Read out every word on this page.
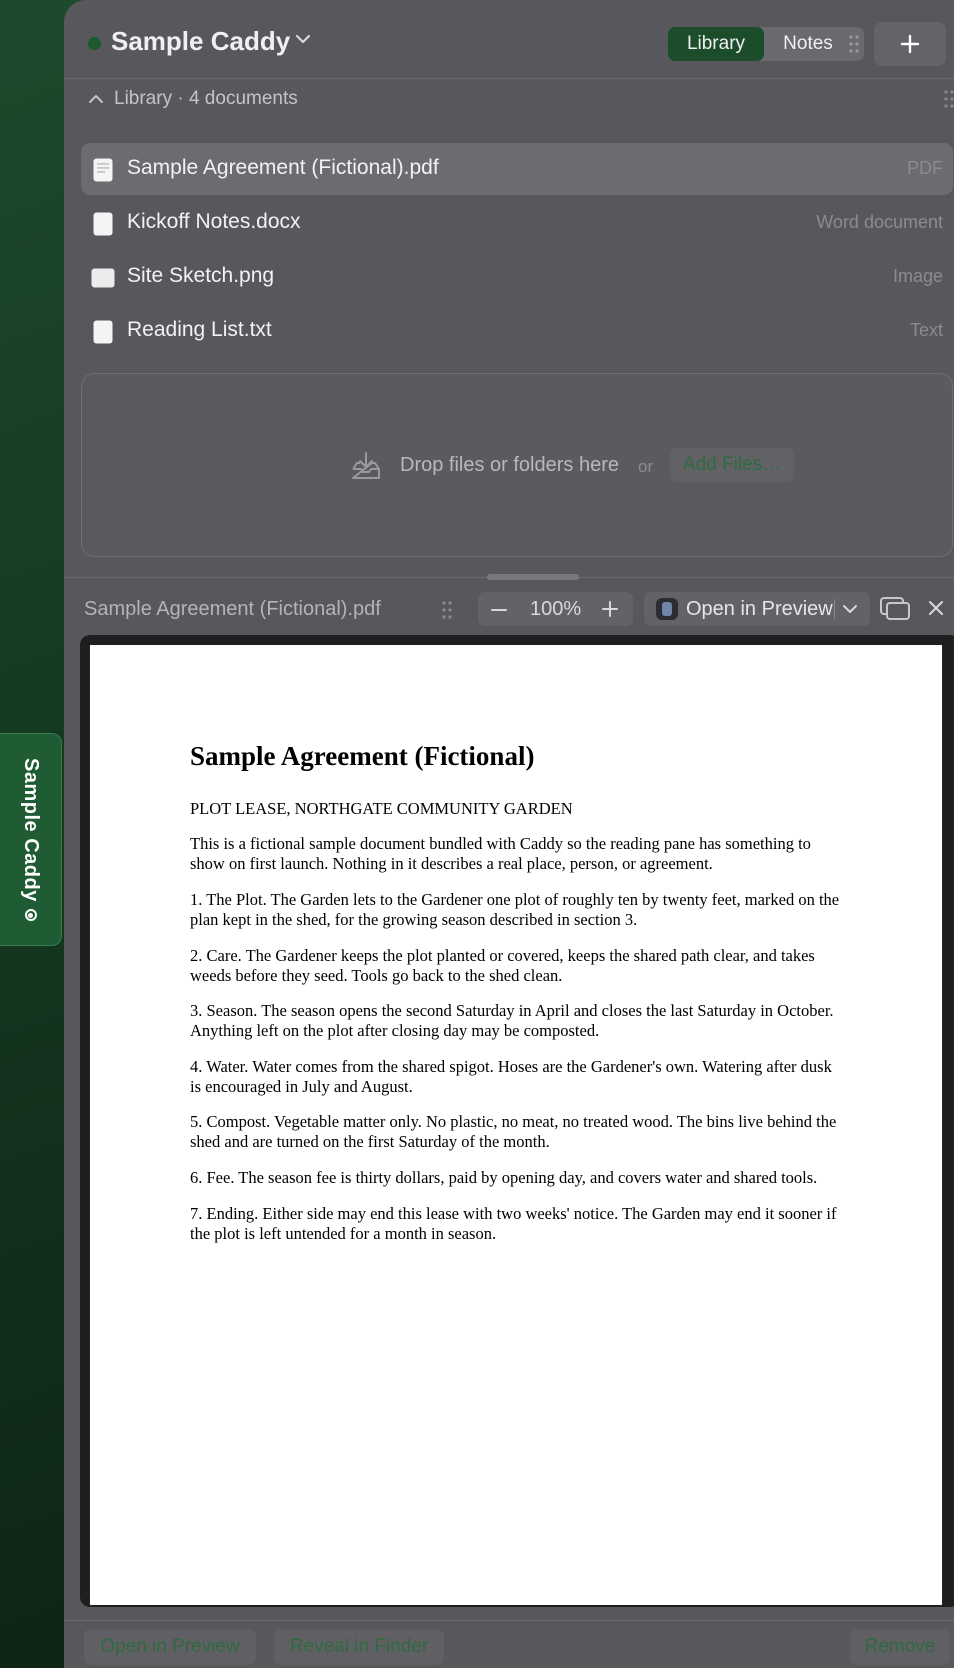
Sample Caddy
Sample Caddy	Library	Notes
Library · 4 documents
Sample Agreement (Fictional).pdf	PDF
Kickoff Notes.docx	Word document
Site Sketch.png	Image
Reading List.txt	Text
Drop files or folders here or	Add Files…
Sample Agreement (Fictional).pdf	100%	Open in Preview
Sample Agreement (Fictional)
PLOT LEASE, NORTHGATE COMMUNITY GARDEN

This is a fictional sample document bundled with Caddy so the reading pane has something to show on first launch. Nothing in it describes a real place, person, or agreement.

1. The Plot. The Garden lets to the Gardener one plot of roughly ten by twenty feet, marked on the plan kept in the shed, for the growing season described in section 3.

2. Care. The Gardener keeps the plot planted or covered, keeps the shared path clear, and takes weeds before they seed. Tools go back to the shed clean.

3. Season. The season opens the second Saturday in April and closes the last Saturday in October. Anything left on the plot after closing day may be composted.

4. Water. Water comes from the shared spigot. Hoses are the Gardener's own. Watering after dusk is encouraged in July and August.

5. Compost. Vegetable matter only. No plastic, no meat, no treated wood. The bins live behind the shed and are turned on the first Saturday of the month.

6. Fee. The season fee is thirty dollars, paid by opening day, and covers water and shared tools.

7. Ending. Either side may end this lease with two weeks' notice. The Garden may end it sooner if the plot is left untended for a month in season.

Open in Preview	Reveal in Finder	Remove
